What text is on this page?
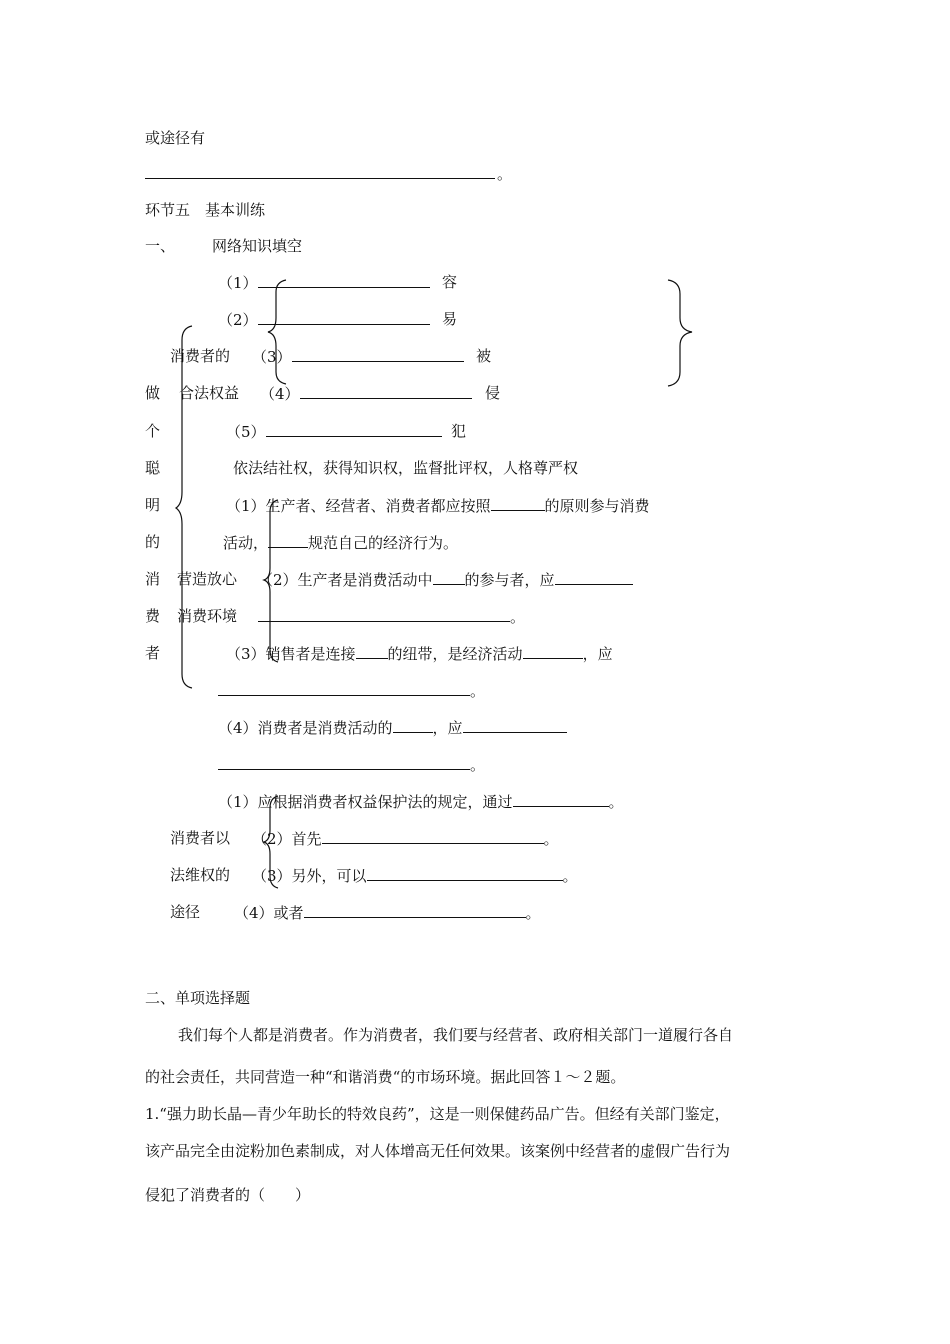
或途径有
。
环节五　基本训练
一、 网络知识填空
（1）	容
（2）	易
消费者的 （3）	被
合法权益 （4）	侵
（5）	犯
依法结社权，获得知识权，监督批评权，人格尊严权
做
个
聪
明
的
消
费
者
（1）生产者、经营者、消费者都应按照	的原则参与消费
活动，	规范自己的经济行为。
营造放心 （2）生产者是消费活动中 的参与者，应
消费环境	。
（3）销售者是连接 的纽带，是经济活动	，应
。
（4）消费者是消费活动的	，应
。
（1）应根据消费者权益保护法的规定，通过	。
消费者以 （2）首先	。
法维权的 （3）另外，可以	。
途径 （4）或者	。
二、单项选择题
我们每个人都是消费者。作为消费者，我们要与经营者、政府相关部门一道履行各自
的社会责任，共同营造一种“和谐消费“的市场环境。据此回答１～２题。
1.“强力助长晶—青少年助长的特效良药”，这是一则保健药品广告。但经有关部门鉴定，
该产品完全由淀粉加色素制成，对人体增高无任何效果。该案例中经营者的虚假广告行为
侵犯了消费者的（　　）
